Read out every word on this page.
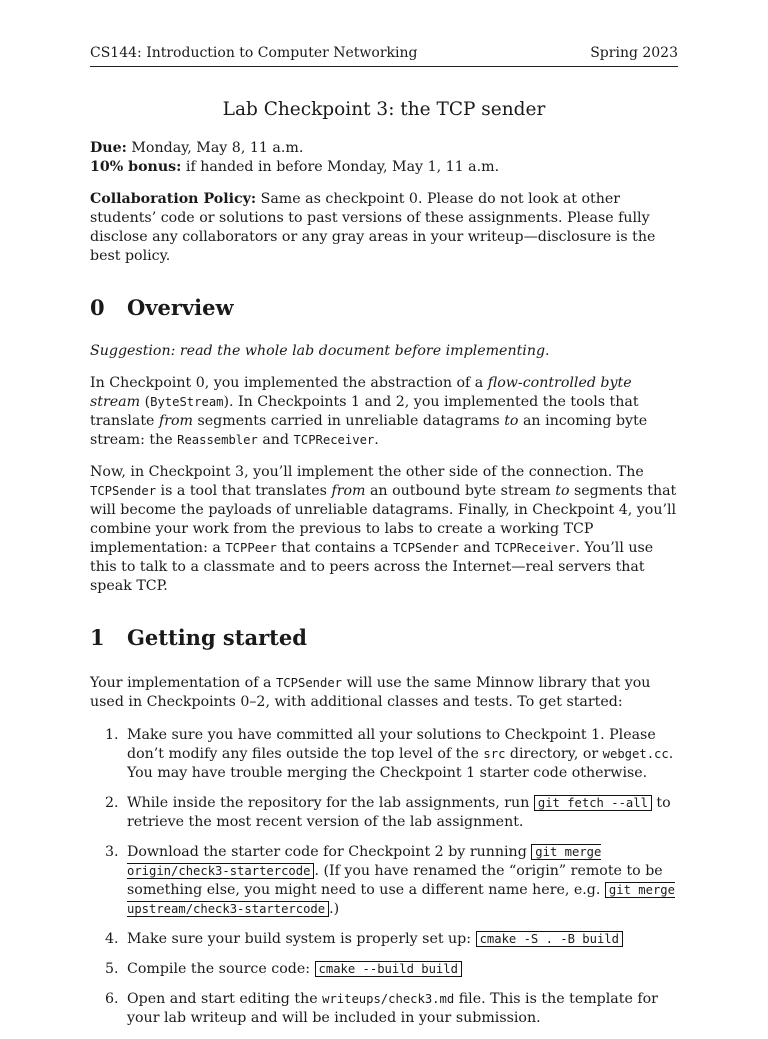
CS144: Introduction to Computer Networking	Spring 2023
Lab Checkpoint 3: the TCP sender

Due: Monday, May 8, 11 a.m.
10% bonus: if handed in before Monday, May 1, 11 a.m.

Collaboration Policy: Same as checkpoint 0. Please do not look at other students’ code or solutions to past versions of these assignments. Please fully disclose any collaborators or any gray areas in your writeup—disclosure is the best policy.

0 Overview

Suggestion: read the whole lab document before implementing.

In Checkpoint 0, you implemented the abstraction of a flow-controlled byte stream (ByteStream). In Checkpoints 1 and 2, you implemented the tools that translate from segments carried in unreliable datagrams to an incoming byte stream: the Reassembler and TCPReceiver.

Now, in Checkpoint 3, you’ll implement the other side of the connection. The TCPSender is a tool that translates from an outbound byte stream to segments that will become the payloads of unreliable datagrams. Finally, in Checkpoint 4, you’ll combine your work from the previous to labs to create a working TCP implementation: a TCPPeer that contains a TCPSender and TCPReceiver. You’ll use this to talk to a classmate and to peers across the Internet—real servers that speak TCP.

1 Getting started

Your implementation of a TCPSender will use the same Minnow library that you used in Checkpoints 0–2, with additional classes and tests. To get started:

1. Make sure you have committed all your solutions to Checkpoint 1. Please don’t modify any files outside the top level of the src directory, or webget.cc. You may have trouble merging the Checkpoint 1 starter code otherwise.
2. While inside the repository for the lab assignments, run git fetch --all to retrieve the most recent version of the lab assignment.
3. Download the starter code for Checkpoint 2 by running git merge origin/check3-startercode . (If you have renamed the “origin” remote to be something else, you might need to use a different name here, e.g. git merge upstream/check3-startercode .)
4. Make sure your build system is properly set up: cmake -S . -B build
5. Compile the source code: cmake --build build
6. Open and start editing the writeups/check3.md file. This is the template for your lab writeup and will be included in your submission.
